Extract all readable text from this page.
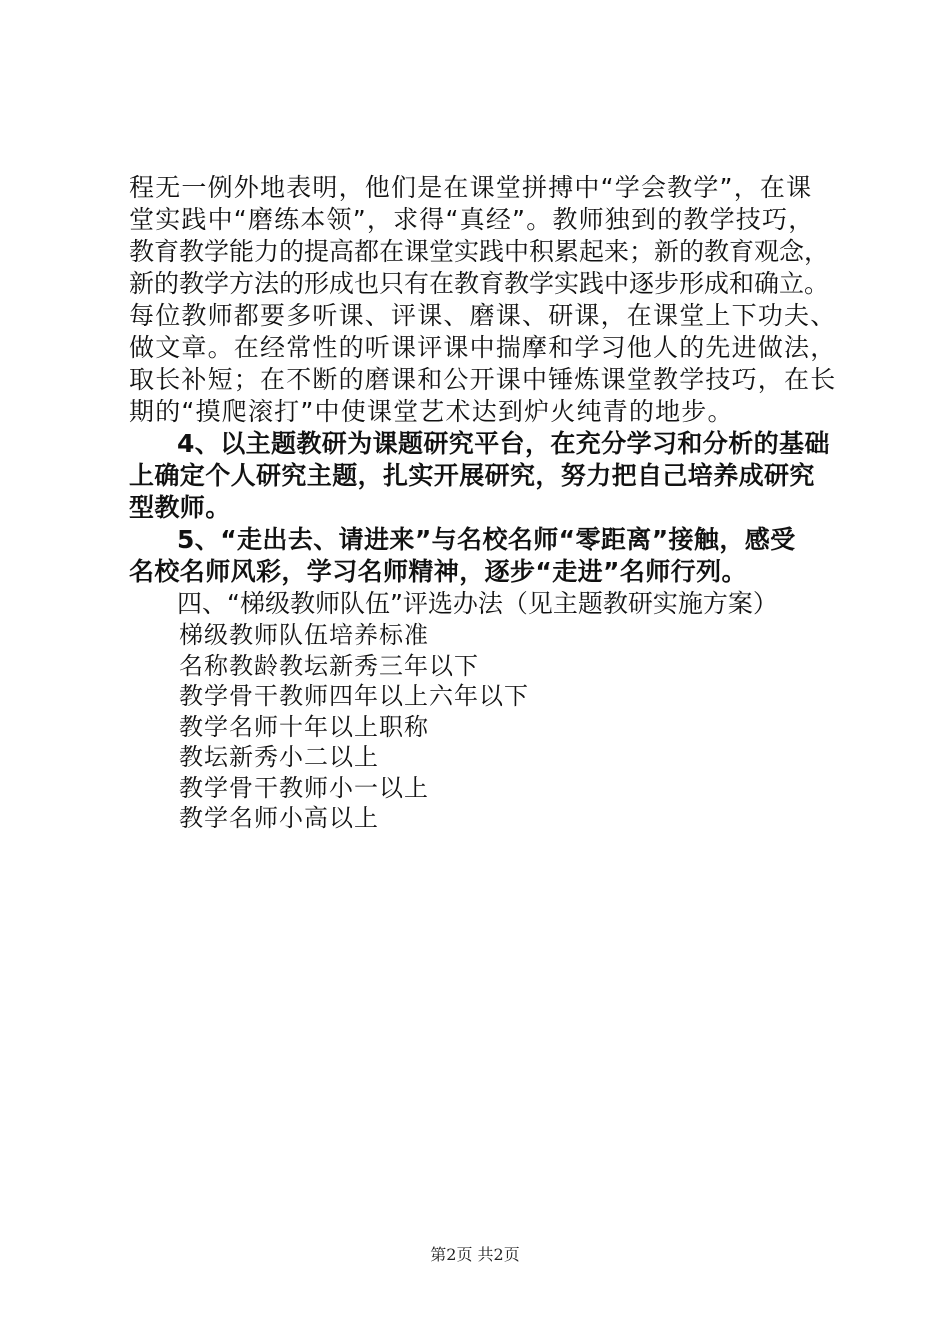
程无一例外地表明，他们是在课堂拼搏中“学会教学”，在课
堂实践中“磨练本领”，求得“真经”。教师独到的教学技巧，
教育教学能力的提高都在课堂实践中积累起来；新的教育观念，
新的教学方法的形成也只有在教育教学实践中逐步形成和确立。
每位教师都要多听课、评课、磨课、研课，在课堂上下功夫、
做文章。在经常性的听课评课中揣摩和学习他人的先进做法，
取长补短；在不断的磨课和公开课中锤炼课堂教学技巧，在长
期的“摸爬滚打”中使课堂艺术达到炉火纯青的地步。
4、以主题教研为课题研究平台，在充分学习和分析的基础
上确定个人研究主题，扎实开展研究，努力把自己培养成研究
型教师。
5、“走出去、请进来”与名校名师“零距离”接触，感受
名校名师风彩，学习名师精神，逐步“走进”名师行列。
四、“梯级教师队伍”评选办法（见主题教研实施方案）
梯级教师队伍培养标准
名称教龄教坛新秀三年以下
教学骨干教师四年以上六年以下
教学名师十年以上职称
教坛新秀小二以上
教学骨干教师小一以上
教学名师小高以上
第2页 共2页
